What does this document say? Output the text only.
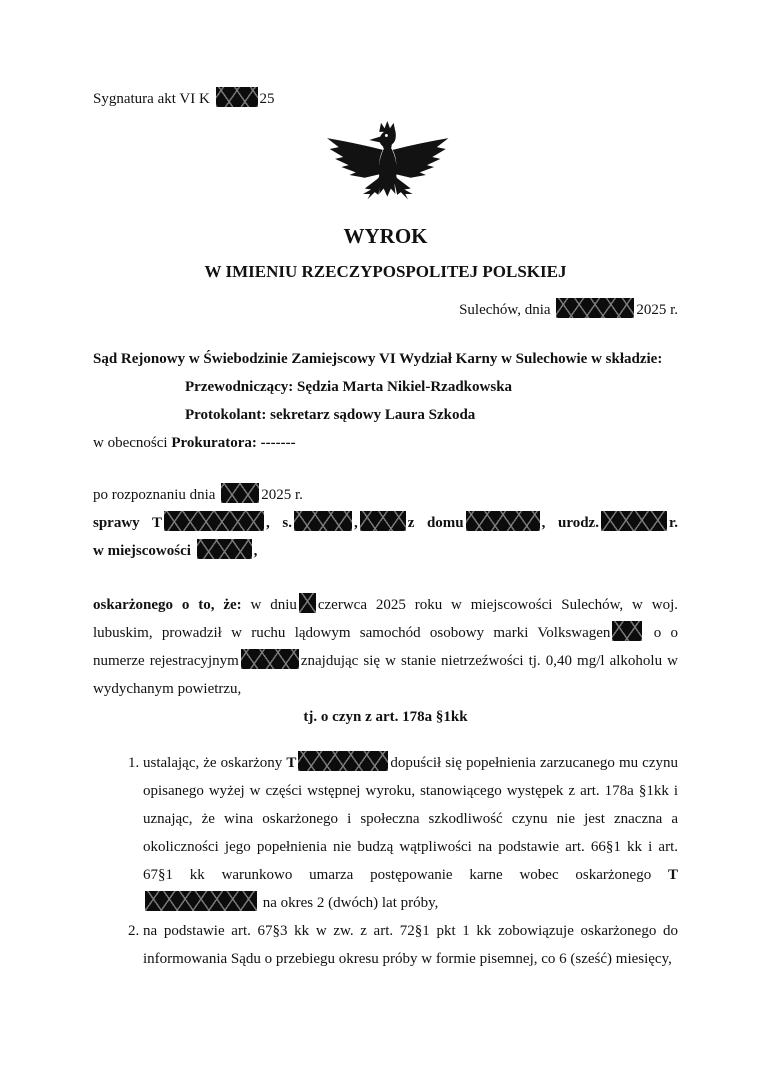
Sygnatura akt VI K	25

WYROK

W IMIENIU RZECZYPOSPOLITEJ POLSKIEJ

Sulechów, dnia	2025 r.

Sąd Rejonowy w Świebodzinie Zamiejscowy VI Wydział Karny w Sulechowie w składzie:

Przewodniczący: Sędzia Marta Nikiel-Rzadkowska

Protokolant: sekretarz sądowy Laura Szkoda

w obecności Prokuratora: -------

po rozpoznaniu dnia	2025 r.

sprawy T	, s.	,	z domu	, urodz.	r.

w miejscowości	,

oskarżonego o to, że: w dniu czerwca 2025 roku w miejscowości Sulechów, w woj. lubuskim, prowadził w ruchu lądowym samochód osobowy marki Volkswagen o o numerze rejestracyjnym	znajdując się w stanie nietrzeźwości tj. 0,40 mg/l alkoholu w wydychanym powietrzu,

tj. o czyn z art. 178a §1kk

1. ustalając, że oskarżony T	dopuścił się popełnienia zarzucanego mu czynu opisanego wyżej w części wstępnej wyroku, stanowiącego występek z art. 178a §1kk i uznając, że wina oskarżonego i społeczna szkodliwość czynu nie jest znaczna a okoliczności jego popełnienia nie budzą wątpliwości na podstawie art. 66§1 kk i art. 67§1 kk warunkowo umarza postępowanie karne wobec oskarżonego T na okres 2 (dwóch) lat próby,
2. na podstawie art. 67§3 kk w zw. z art. 72§1 pkt 1 kk zobowiązuje oskarżonego do informowania Sądu o przebiegu okresu próby w formie pisemnej, co 6 (sześć) miesięcy,
